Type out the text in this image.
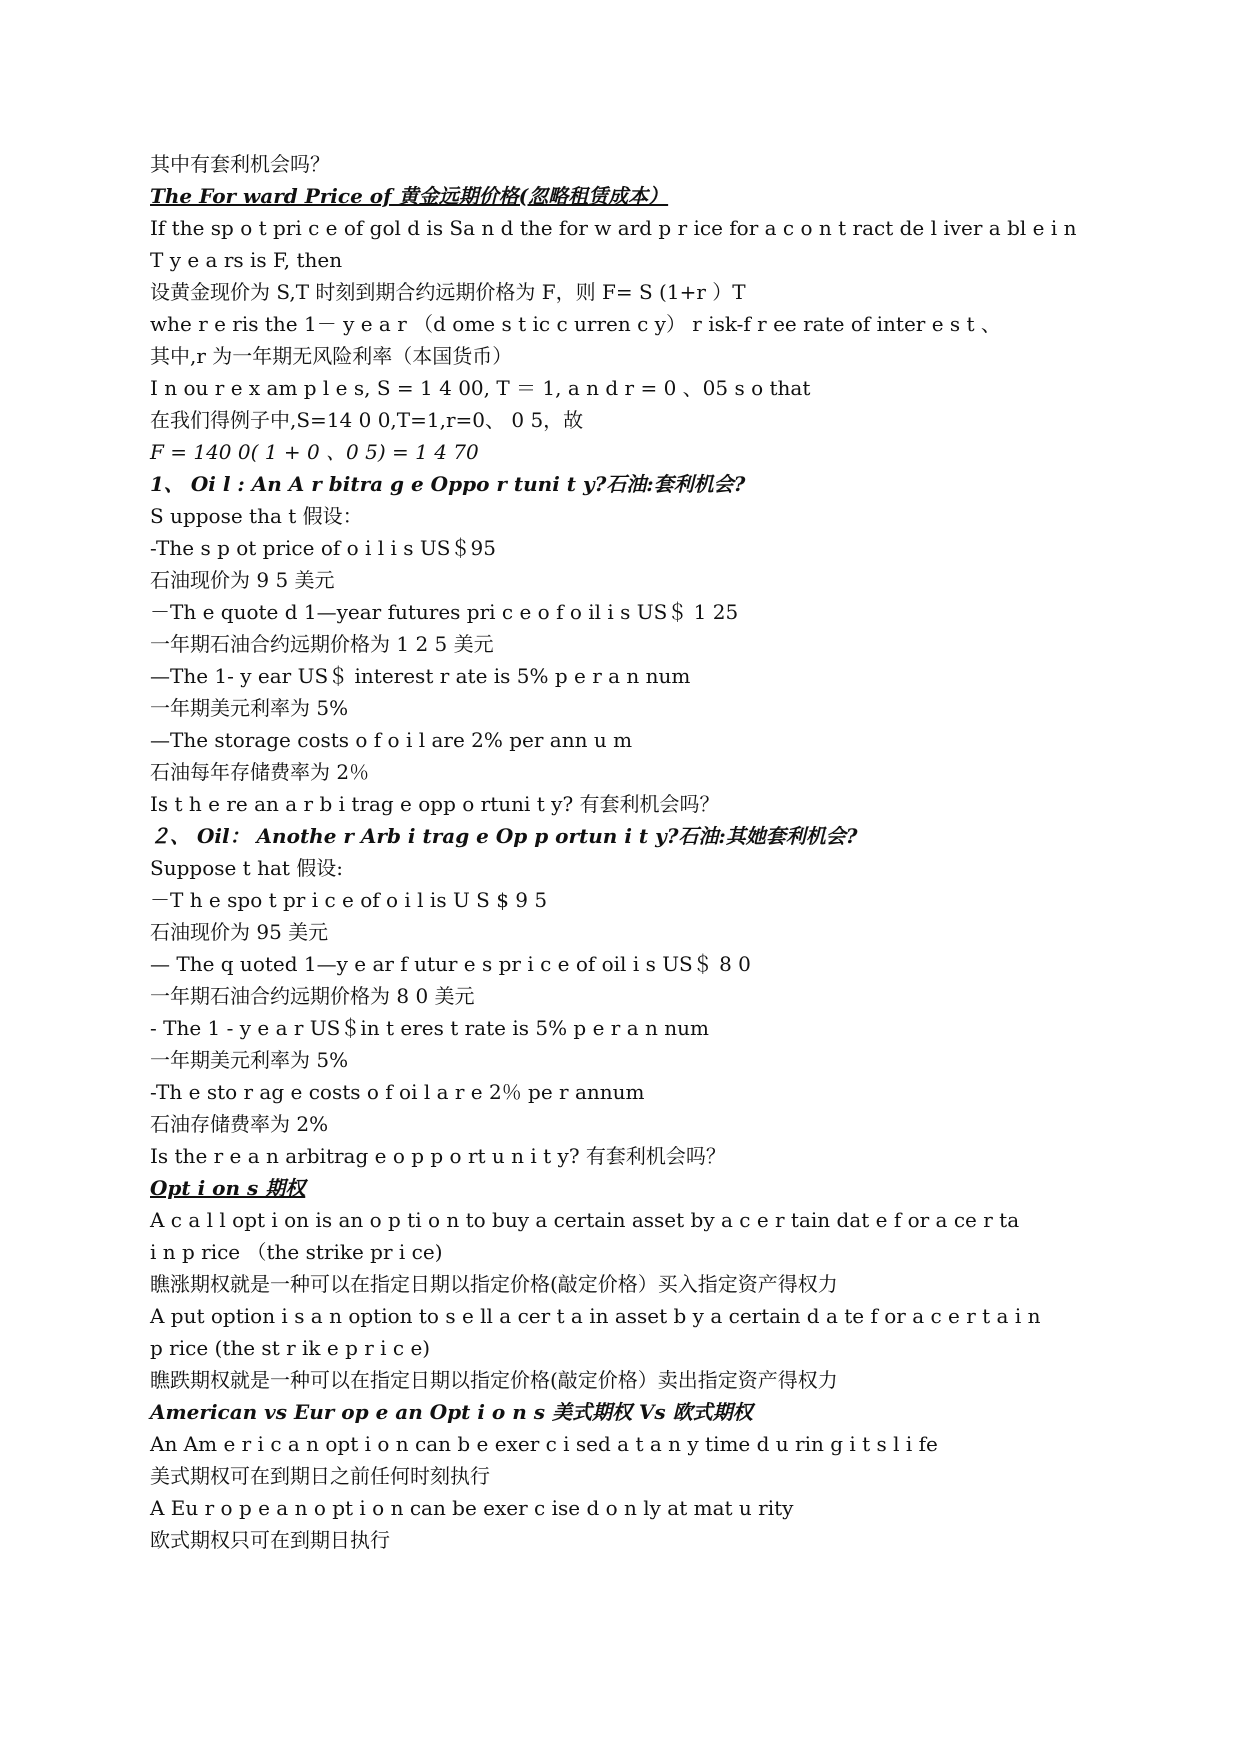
其中有套利机会吗？
The For ward Price of 黄金远期价格(忽略租赁成本）
If the sp o t pri c e of gol d is Sa n d the for w ard p r ice for a c o n t ract de l iver a bl e i n
T y e a rs is F, then
设黄金现价为 S,T 时刻到期合约远期价格为 F，则 F= S (1+r ）T
whe r e ris the 1－ y e a r （d ome s t ic c urren c y） r isk-f r ee rate of inter e s t 、
其中,r 为一年期无风险利率（本国货币）
I n ou r e x am p l e s, S = 1 4 00, T ＝ 1, a n d r = 0 、05 s o that
在我们得例子中,S=14 0 0,T=1,r=0、 0 5，故
F = 140 0( 1 + 0 、0 5) = 1 4 70
1、 Oi l : An A r bitra g e Oppo r tuni t y?石油:套利机会?
S uppose tha t 假设：
-The s p ot price of o i l i s US＄95
石油现价为 9 5 美元
－Th e quote d 1—year futures pri c e o f o il i s US＄ 1 25
一年期石油合约远期价格为 1 2 5 美元
—The 1- y ear US＄ interest r ate is 5% p e r a n num
一年期美元利率为 5%
—The storage costs o f o i l are 2% per ann u m
石油每年存储费率为 2％
Is t h e re an a r b i trag e opp o rtuni t y? 有套利机会吗？
２、 Oil： Anothe r Arb i trag e Op p ortun i t y?石油:其她套利机会?
Suppose t hat 假设:
－T h e spo t pr i c e of o i l is U S $ 9 5
石油现价为 95 美元
— The q uoted 1—y e ar f utur e s pr i c e of oil i s US＄ 8 0
一年期石油合约远期价格为 8 0 美元
- The 1 - y e a r US＄in t eres t rate is 5% p e r a n num
一年期美元利率为 5%
-Th e sto r ag e costs o f oi l a r e 2％ pe r annum
石油存储费率为 2%
Is the r e a n arbitrag e o p p o rt u n i t y? 有套利机会吗？
Opt i on s 期权
A c a l l opt i on is an o p ti o n to buy a certain asset by a c e r tain dat e f or a ce r ta
i n p rice （the strike pr i ce)
瞧涨期权就是一种可以在指定日期以指定价格(敲定价格）买入指定资产得权力
A put option i s a n option to s e ll a cer t a in asset b y a certain d a te f or a c e r t a i n
p rice (the st r ik e p r i c e)
瞧跌期权就是一种可以在指定日期以指定价格(敲定价格）卖出指定资产得权力
American vs Eur op e an Opt i o n s 美式期权 Vs 欧式期权
An Am e r i c a n opt i o n can b e exer c i sed a t a n y time d u rin g i t s l i fe
美式期权可在到期日之前任何时刻执行
A Eu r o p e a n o pt i o n can be exer c ise d o n ly at mat u rity
欧式期权只可在到期日执行
